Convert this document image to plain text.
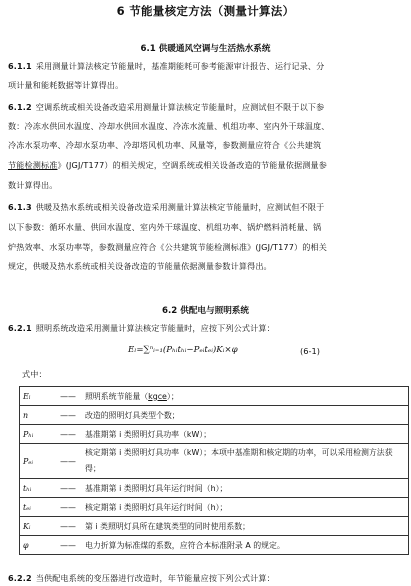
6 节能量核定方法（测量计算法）
6.1 供暖通风空调与生活热水系统
6.1.1 采用测量计算法核定节能量时，基准期能耗可参考能源审计报告、运行记录、分
项计量和能耗数据等计算得出。
6.1.2 空调系统或相关设备改造采用测量计算法核定节能量时，应测试但不限于以下参
数：冷冻水供回水温度、冷却水供回水温度、冷冻水流量、机组功率、室内外干球温度、
冷冻水泵功率、冷却水泵功率、冷却塔风机功率、风量等，参数测量应符合《公共建筑
节能检测标准》(JGJ/T177）的相关规定，空调系统或相关设备改造的节能量依据测量参
数计算得出。
6.1.3 供暖及热水系统或相关设备改造采用测量计算法核定节能量时，应测试但不限于
以下参数：循环水量、供回水温度、室内外干球温度、机组功率、锅炉燃料消耗量、锅
炉热效率、水泵功率等，参数测量应符合《公共建筑节能检测标准》(JGJ/T177）的相关
规定，供暖及热水系统或相关设备改造的节能量依据测量参数计算得出。
6.2 供配电与照明系统
6.2.1 照明系统改造采用测量计算法核定节能量时，应按下列公式计算：
Eₗ=∑ⁿᵢ₌₁(Pₕᵢtₕᵢ−Pₑᵢtₑᵢ)Kᵢ×φ	(6-1)
式中：
Eₗ	——	照明系统节能量（kgce）；
n	——	改造的照明灯具类型个数；
Pₕᵢ	——	基准期第 i 类照明灯具功率（kW）；
Pₑᵢ	——	核定期第 i 类照明灯具功率（kW）；本项中基准期和核定期的功率，可以采用检测方法获得；
tₕᵢ	——	基准期第 i 类照明灯具年运行时间（h）；
tₑᵢ	——	核定期第 i 类照明灯具年运行时间（h）；
Kᵢ	——	第 i 类照明灯具所在建筑类型的同时使用系数；
φ	——	电力折算为标准煤的系数，应符合本标准附录 A 的规定。
6.2.2 当供配电系统的变压器进行改造时，年节能量应按下列公式计算：
